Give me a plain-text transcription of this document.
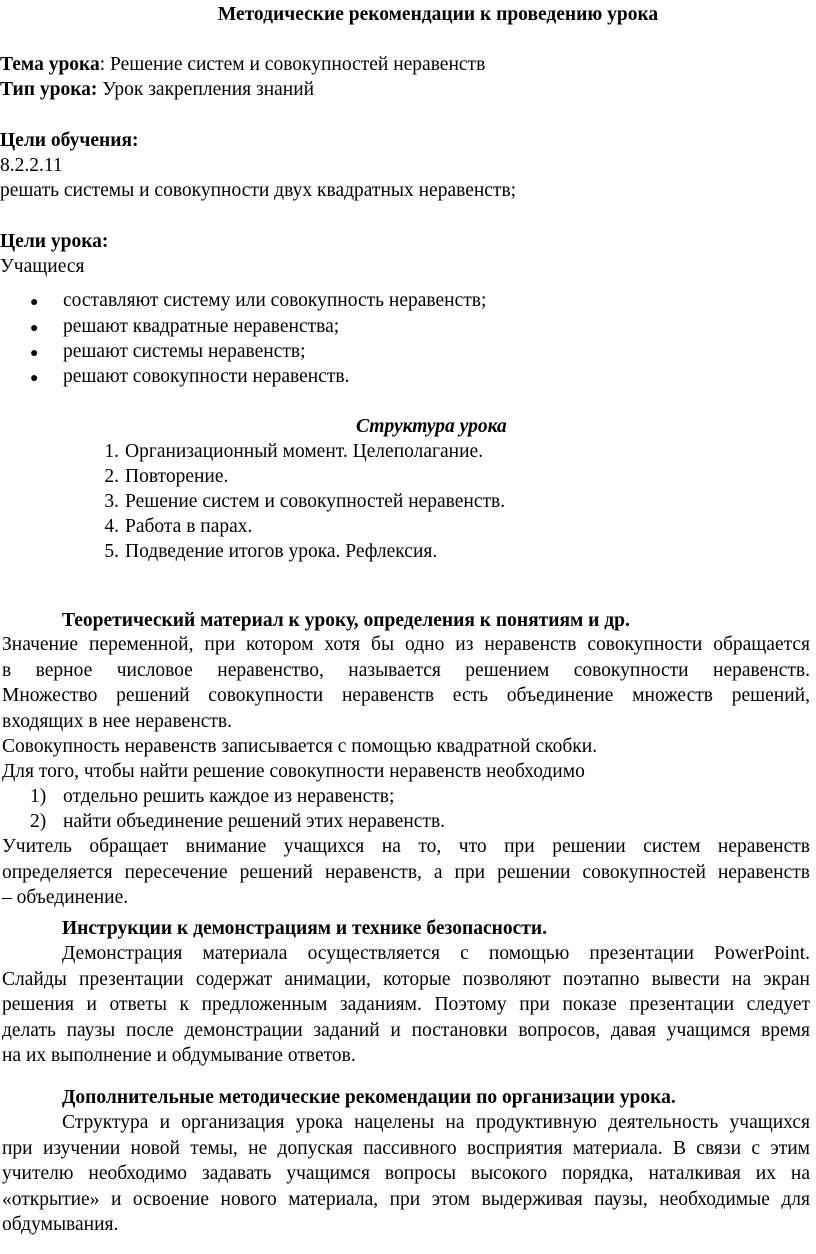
Методические рекомендации к проведению урока
Тема урока: Решение систем и совокупностей неравенств
Тип урока: Урок закрепления знаний
Цели обучения:
8.2.2.11
решать системы и совокупности двух квадратных неравенств;
Цели урока:
Учащиеся
● составляют систему или совокупность неравенств;
● решают квадратные неравенства;
● решают системы неравенств;
● решают совокупности неравенств.
Структура урока
1. Организационный момент. Целеполагание.
2. Повторение.
3. Решение систем и совокупностей неравенств.
4. Работа в парах.
5. Подведение итогов урока. Рефлексия.
Теоретический материал к уроку, определения к понятиям и др.
Значение переменной, при котором хотя бы одно из неравенств совокупности обращается
в верное числовое неравенство, называется решением совокупности неравенств.
Множество решений совокупности неравенств есть объединение множеств решений,
входящих в нее неравенств.
Совокупность неравенств записывается с помощью квадратной скобки.
Для того, чтобы найти решение совокупности неравенств необходимо
1) отдельно решить каждое из неравенств;
2) найти объединение решений этих неравенств.
Учитель обращает внимание учащихся на то, что при решении систем неравенств
определяется пересечение решений неравенств, а при решении совокупностей неравенств
– объединение.
Инструкции к демонстрациям и технике безопасности.
Демонстрация материала осуществляется с помощью презентации PowerPoint.
Слайды презентации содержат анимации, которые позволяют поэтапно вывести на экран
решения и ответы к предложенным заданиям. Поэтому при показе презентации следует
делать паузы после демонстрации заданий и постановки вопросов, давая учащимся время
на их выполнение и обдумывание ответов.
Дополнительные методические рекомендации по организации урока.
Структура и организация урока нацелены на продуктивную деятельность учащихся
при изучении новой темы, не допуская пассивного восприятия материала. В связи с этим
учителю необходимо задавать учащимся вопросы высокого порядка, наталкивая их на
«открытие» и освоение нового материала, при этом выдерживая паузы, необходимые для
обдумывания.
